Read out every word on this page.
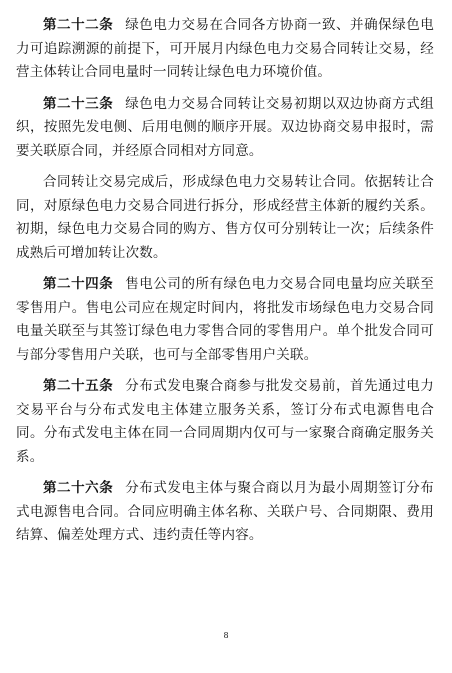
第二十二条 绿色电力交易在合同各方协商一致、并确保绿色电力可追踪溯源的前提下，可开展月内绿色电力交易合同转让交易，经营主体转让合同电量时一同转让绿色电力环境价值。

第二十三条 绿色电力交易合同转让交易初期以双边协商方式组织，按照先发电侧、后用电侧的顺序开展。双边协商交易申报时，需要关联原合同，并经原合同相对方同意。

合同转让交易完成后，形成绿色电力交易转让合同。依据转让合同，对原绿色电力交易合同进行拆分，形成经营主体新的履约关系。初期，绿色电力交易合同的购方、售方仅可分别转让一次；后续条件成熟后可增加转让次数。

第二十四条 售电公司的所有绿色电力交易合同电量均应关联至零售用户。售电公司应在规定时间内，将批发市场绿色电力交易合同电量关联至与其签订绿色电力零售合同的零售用户。单个批发合同可与部分零售用户关联，也可与全部零售用户关联。

第二十五条 分布式发电聚合商参与批发交易前，首先通过电力交易平台与分布式发电主体建立服务关系，签订分布式电源售电合同。分布式发电主体在同一合同周期内仅可与一家聚合商确定服务关系。

第二十六条 分布式发电主体与聚合商以月为最小周期签订分布式电源售电合同。合同应明确主体名称、关联户号、合同期限、费用结算、偏差处理方式、违约责任等内容。

8
